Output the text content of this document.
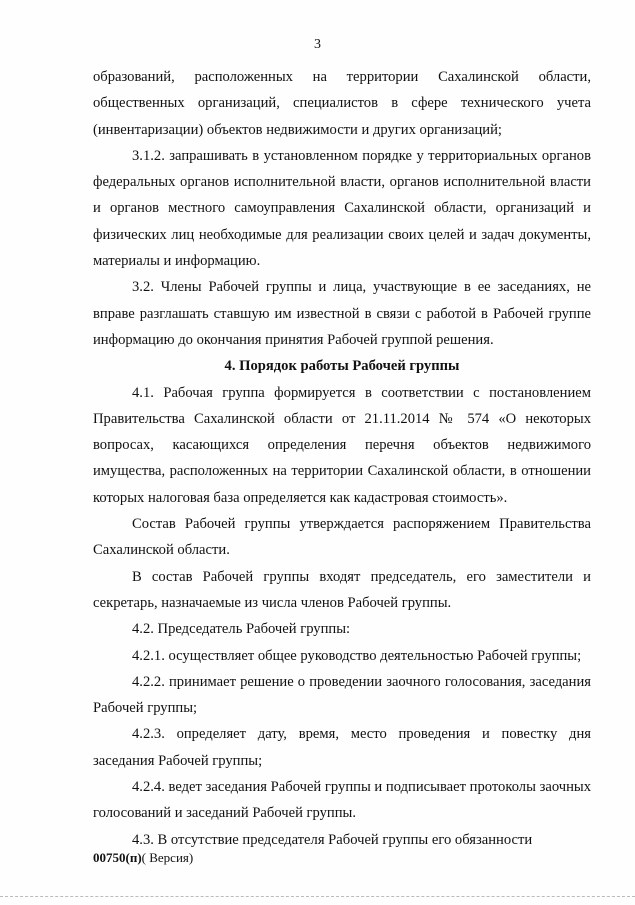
3

образований, расположенных на территории Сахалинской области, общественных организаций, специалистов в сфере технического учета (инвентаризации) объектов недвижимости и других организаций;

3.1.2. запрашивать в установленном порядке у территориальных органов федеральных органов исполнительной власти, органов исполнительной власти и органов местного самоуправления Сахалинской области, организаций и физических лиц необходимые для реализации своих целей и задач документы, материалы и информацию.

3.2. Члены Рабочей группы и лица, участвующие в ее заседаниях, не вправе разглашать ставшую им известной в связи с работой в Рабочей группе информацию до окончания принятия Рабочей группой решения.

4. Порядок работы Рабочей группы

4.1. Рабочая группа формируется в соответствии с постановлением Правительства Сахалинской области от 21.11.2014 № 574 «О некоторых вопросах, касающихся определения перечня объектов недвижимого имущества, расположенных на территории Сахалинской области, в отношении которых налоговая база определяется как кадастровая стоимость».

Состав Рабочей группы утверждается распоряжением Правительства Сахалинской области.

В состав Рабочей группы входят председатель, его заместители и секретарь, назначаемые из числа членов Рабочей группы.

4.2. Председатель Рабочей группы:

4.2.1. осуществляет общее руководство деятельностью Рабочей группы;

4.2.2. принимает решение о проведении заочного голосования, заседания Рабочей группы;

4.2.3. определяет дату, время, место проведения и повестку дня заседания Рабочей группы;

4.2.4. ведет заседания Рабочей группы и подписывает протоколы заочных голосований и заседаний Рабочей группы.

4.3. В отсутствие председателя Рабочей группы его обязанности

00750(п)( Версия)
